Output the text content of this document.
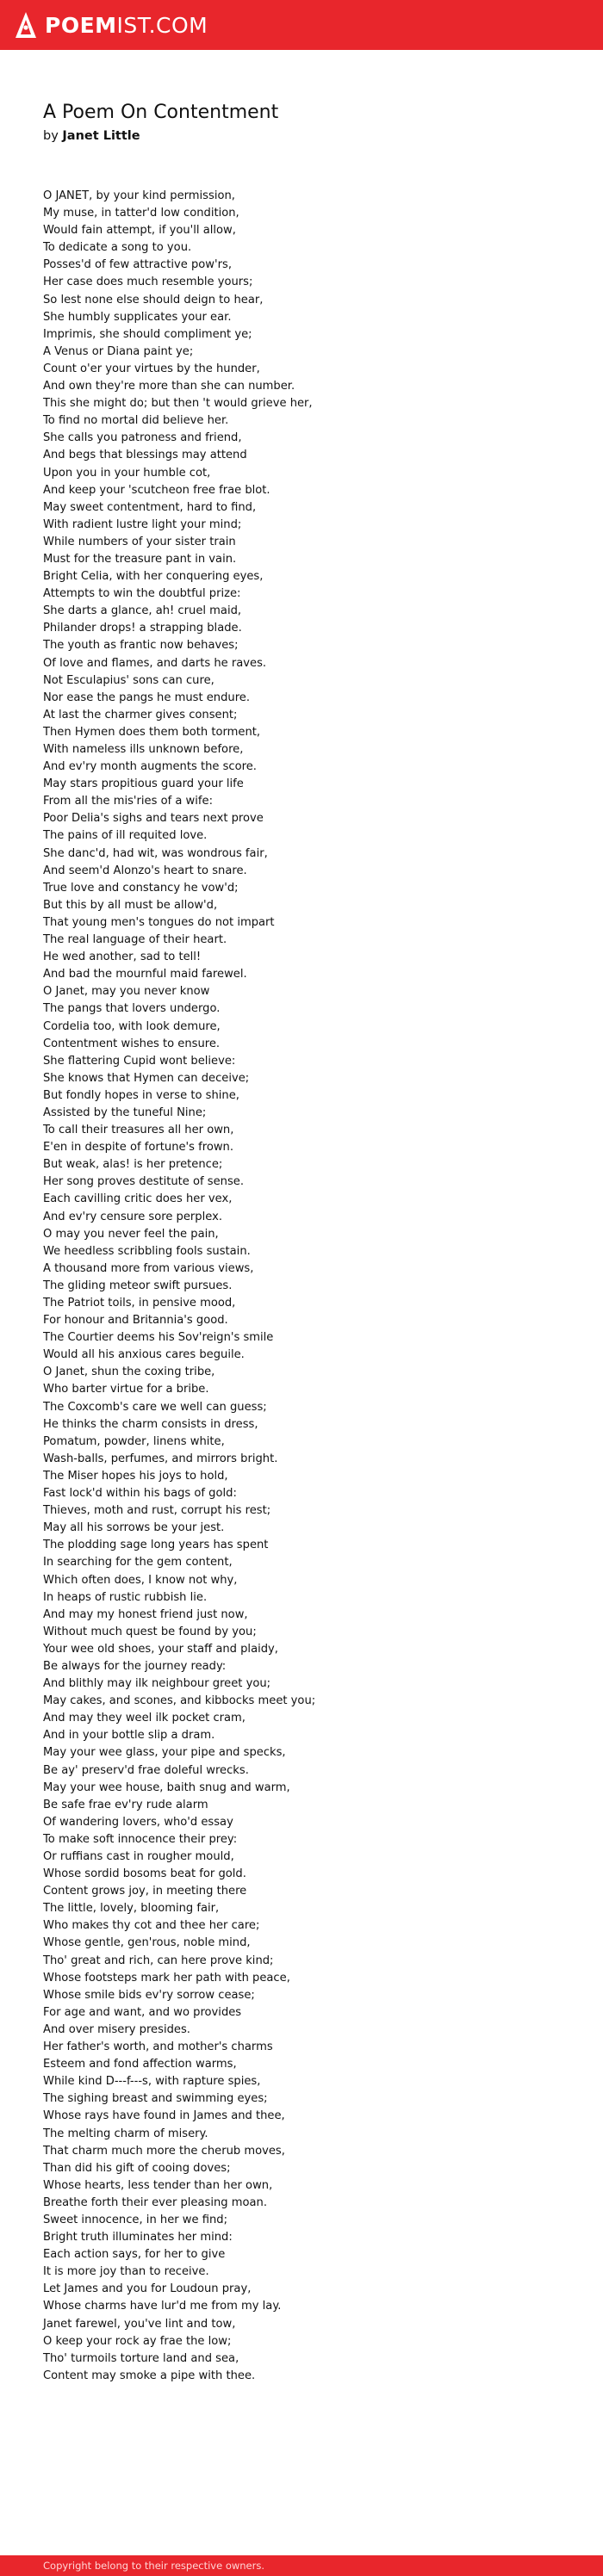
POEMIST.COM
A Poem On Contentment
by Janet Little
O JANET, by your kind permission,
My muse, in tatter'd low condition,
Would fain attempt, if you'll allow,
To dedicate a song to you.
Posses'd of few attractive pow'rs,
Her case does much resemble yours;
So lest none else should deign to hear,
She humbly supplicates your ear.
Imprimis, she should compliment ye;
A Venus or Diana paint ye;
Count o'er your virtues by the hunder,
And own they're more than she can number.
This she might do; but then 't would grieve her,
To find no mortal did believe her.
She calls you patroness and friend,
And begs that blessings may attend
Upon you in your humble cot,
And keep your 'scutcheon free frae blot.
May sweet contentment, hard to find,
With radient lustre light your mind;
While numbers of your sister train
Must for the treasure pant in vain.
Bright Celia, with her conquering eyes,
Attempts to win the doubtful prize:
She darts a glance, ah! cruel maid,
Philander drops! a strapping blade.
The youth as frantic now behaves;
Of love and flames, and darts he raves.
Not Esculapius' sons can cure,
Nor ease the pangs he must endure.
At last the charmer gives consent;
Then Hymen does them both torment,
With nameless ills unknown before,
And ev'ry month augments the score.
May stars propitious guard your life
From all the mis'ries of a wife:
Poor Delia's sighs and tears next prove
The pains of ill requited love.
She danc'd, had wit, was wondrous fair,
And seem'd Alonzo's heart to snare.
True love and constancy he vow'd;
But this by all must be allow'd,
That young men's tongues do not impart
The real language of their heart.
He wed another, sad to tell!
And bad the mournful maid farewel.
O Janet, may you never know
The pangs that lovers undergo.
Cordelia too, with look demure,
Contentment wishes to ensure.
She flattering Cupid wont believe:
She knows that Hymen can deceive;
But fondly hopes in verse to shine,
Assisted by the tuneful Nine;
To call their treasures all her own,
E'en in despite of fortune's frown.
But weak, alas! is her pretence;
Her song proves destitute of sense.
Each cavilling critic does her vex,
And ev'ry censure sore perplex.
O may you never feel the pain,
We heedless scribbling fools sustain.
A thousand more from various views,
The gliding meteor swift pursues.
The Patriot toils, in pensive mood,
For honour and Britannia's good.
The Courtier deems his Sov'reign's smile
Would all his anxious cares beguile.
O Janet, shun the coxing tribe,
Who barter virtue for a bribe.
The Coxcomb's care we well can guess;
He thinks the charm consists in dress,
Pomatum, powder, linens white,
Wash-balls, perfumes, and mirrors bright.
The Miser hopes his joys to hold,
Fast lock'd within his bags of gold:
Thieves, moth and rust, corrupt his rest;
May all his sorrows be your jest.
The plodding sage long years has spent
In searching for the gem content,
Which often does, I know not why,
In heaps of rustic rubbish lie.
And may my honest friend just now,
Without much quest be found by you;
Your wee old shoes, your staff and plaidy,
Be always for the journey ready:
And blithly may ilk neighbour greet you;
May cakes, and scones, and kibbocks meet you;
And may they weel ilk pocket cram,
And in your bottle slip a dram.
May your wee glass, your pipe and specks,
Be ay' preserv'd frae doleful wrecks.
May your wee house, baith snug and warm,
Be safe frae ev'ry rude alarm
Of wandering lovers, who'd essay
To make soft innocence their prey:
Or ruffians cast in rougher mould,
Whose sordid bosoms beat for gold.
Content grows joy, in meeting there
The little, lovely, blooming fair,
Who makes thy cot and thee her care;
Whose gentle, gen'rous, noble mind,
Tho' great and rich, can here prove kind;
Whose footsteps mark her path with peace,
Whose smile bids ev'ry sorrow cease;
For age and want, and wo provides
And over misery presides.
Her father's worth, and mother's charms
Esteem and fond affection warms,
While kind D---f---s, with rapture spies,
The sighing breast and swimming eyes;
Whose rays have found in James and thee,
The melting charm of misery.
That charm much more the cherub moves,
Than did his gift of cooing doves;
Whose hearts, less tender than her own,
Breathe forth their ever pleasing moan.
Sweet innocence, in her we find;
Bright truth illuminates her mind:
Each action says, for her to give
It is more joy than to receive.
Let James and you for Loudoun pray,
Whose charms have lur'd me from my lay.
Janet farewel, you've lint and tow,
O keep your rock ay frae the low;
Tho' turmoils torture land and sea,
Content may smoke a pipe with thee.
Copyright belong to their respective owners.
